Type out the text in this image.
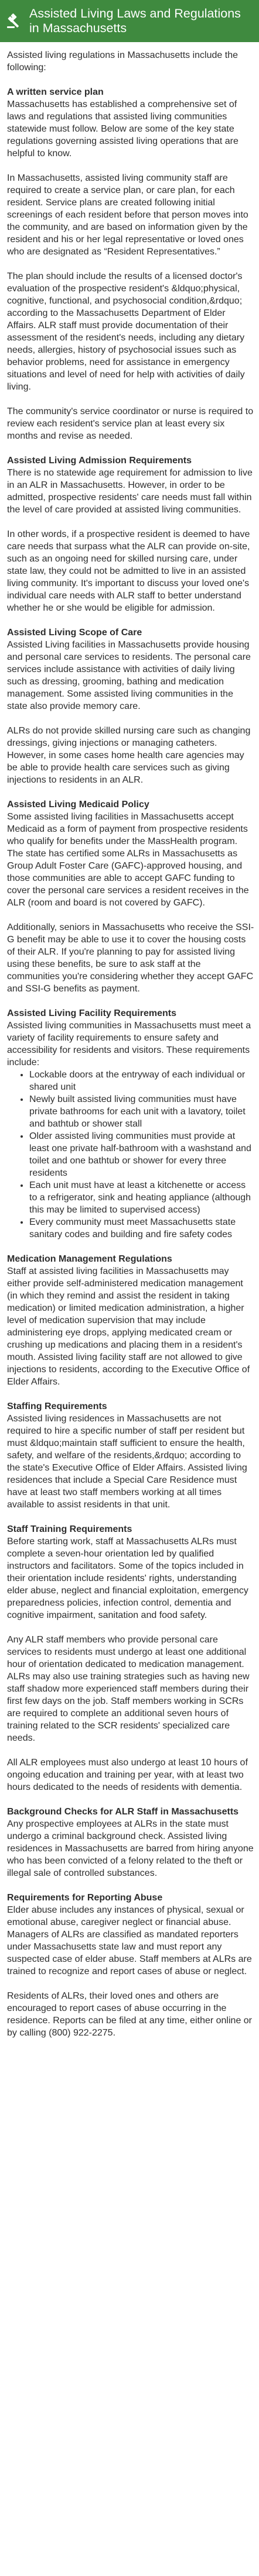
Assisted Living Laws and Regulations in Massachusetts

Assisted living regulations in Massachusetts include the following:

A written service plan

Massachusetts has established a comprehensive set of laws and regulations that assisted living communities statewide must follow. Below are some of the key state regulations governing assisted living operations that are helpful to know.

In Massachusetts, assisted living community staff are required to create a service plan, or care plan, for each resident. Service plans are created following initial screenings of each resident before that person moves into the community, and are based on information given by the resident and his or her legal representative or loved ones who are designated as “Resident Representatives.”

The plan should include the results of a licensed doctor's evaluation of the prospective resident's &ldquo;physical, cognitive, functional, and psychosocial condition,&rdquo; according to the Massachusetts Department of Elder Affairs. ALR staff must provide documentation of their assessment of the resident's needs, including any dietary needs, allergies, history of psychosocial issues such as behavior problems, need for assistance in emergency situations and level of need for help with activities of daily living.

The community's service coordinator or nurse is required to review each resident's service plan at least every six months and revise as needed.

Assisted Living Admission Requirements

There is no statewide age requirement for admission to live in an ALR in Massachusetts. However, in order to be admitted, prospective residents' care needs must fall within the level of care provided at assisted living communities.

In other words, if a prospective resident is deemed to have care needs that surpass what the ALR can provide on-site, such as an ongoing need for skilled nursing care, under state law, they could not be admitted to live in an assisted living community. It's important to discuss your loved one's individual care needs with ALR staff to better understand whether he or she would be eligible for admission.

Assisted Living Scope of Care

Assisted Living facilities in Massachusetts provide housing and personal care services to residents. The personal care services include assistance with activities of daily living such as dressing, grooming, bathing and medication management. Some assisted living communities in the state also provide memory care.

ALRs do not provide skilled nursing care such as changing dressings, giving injections or managing catheters. However, in some cases home health care agencies may be able to provide health care services such as giving injections to residents in an ALR.

Assisted Living Medicaid Policy

Some assisted living facilities in Massachusetts accept Medicaid as a form of payment from prospective residents who qualify for benefits under the MassHealth program. The state has certified some ALRs in Massachusetts as Group Adult Foster Care (GAFC)-approved housing, and those communities are able to accept GAFC funding to cover the personal care services a resident receives in the ALR (room and board is not covered by GAFC).

Additionally, seniors in Massachusetts who receive the SSI-G benefit may be able to use it to cover the housing costs of their ALR. If you're planning to pay for assisted living using these benefits, be sure to ask staff at the communities you're considering whether they accept GAFC and SSI-G benefits as payment.

Assisted Living Facility Requirements

Assisted living communities in Massachusetts must meet a variety of facility requirements to ensure safety and accessibility for residents and visitors. These requirements include:

• Lockable doors at the entryway of each individual or shared unit
• Newly built assisted living communities must have private bathrooms for each unit with a lavatory, toilet and bathtub or shower stall
• Older assisted living communities must provide at least one private half-bathroom with a washstand and toilet and one bathtub or shower for every three residents
• Each unit must have at least a kitchenette or access to a refrigerator, sink and heating appliance (although this may be limited to supervised access)
• Every community must meet Massachusetts state sanitary codes and building and fire safety codes
Medication Management Regulations

Staff at assisted living facilities in Massachusetts may either provide self-administered medication management (in which they remind and assist the resident in taking medication) or limited medication administration, a higher level of medication supervision that may include administering eye drops, applying medicated cream or crushing up medications and placing them in a resident's mouth. Assisted living facility staff are not allowed to give injections to residents, according to the Executive Office of Elder Affairs.

Staffing Requirements

Assisted living residences in Massachusetts are not required to hire a specific number of staff per resident but must &ldquo;maintain staff sufficient to ensure the health, safety, and welfare of the residents,&rdquo; according to the state's Executive Office of Elder Affairs. Assisted living residences that include a Special Care Residence must have at least two staff members working at all times available to assist residents in that unit.

Staff Training Requirements

Before starting work, staff at Massachusetts ALRs must complete a seven-hour orientation led by qualified instructors and facilitators. Some of the topics included in their orientation include residents' rights, understanding elder abuse, neglect and financial exploitation, emergency preparedness policies, infection control, dementia and cognitive impairment, sanitation and food safety.

Any ALR staff members who provide personal care services to residents must undergo at least one additional hour of orientation dedicated to medication management. ALRs may also use training strategies such as having new staff shadow more experienced staff members during their first few days on the job. Staff members working in SCRs are required to complete an additional seven hours of training related to the SCR residents' specialized care needs.

All ALR employees must also undergo at least 10 hours of ongoing education and training per year, with at least two hours dedicated to the needs of residents with dementia.

Background Checks for ALR Staff in Massachusetts

Any prospective employees at ALRs in the state must undergo a criminal background check. Assisted living residences in Massachusetts are barred from hiring anyone who has been convicted of a felony related to the theft or illegal sale of controlled substances.

Requirements for Reporting Abuse

Elder abuse includes any instances of physical, sexual or emotional abuse, caregiver neglect or financial abuse. Managers of ALRs are classified as mandated reporters under Massachusetts state law and must report any suspected case of elder abuse. Staff members at ALRs are trained to recognize and report cases of abuse or neglect.

Residents of ALRs, their loved ones and others are encouraged to report cases of abuse occurring in the residence. Reports can be filed at any time, either online or by calling (800) 922-2275.
